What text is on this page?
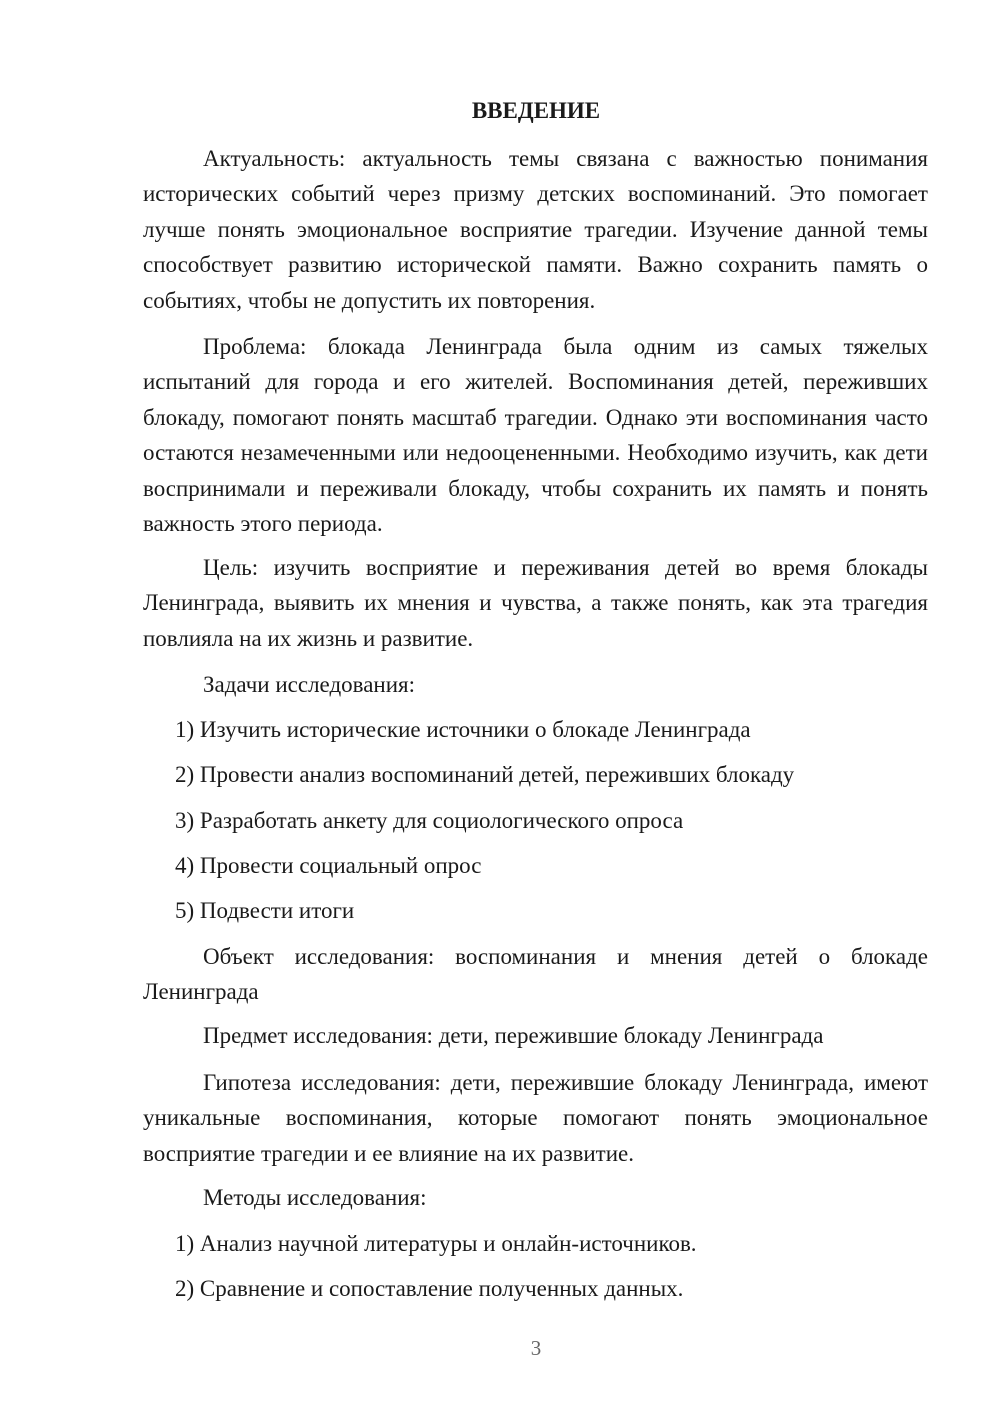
ВВЕДЕНИЕ

Актуальность: актуальность темы связана с важностью понимания исторических событий через призму детских воспоминаний. Это помогает лучше понять эмоциональное восприятие трагедии. Изучение данной темы способствует развитию исторической памяти. Важно сохранить память о событиях, чтобы не допустить их повторения.

Проблема: блокада Ленинграда была одним из самых тяжелых испытаний для города и его жителей. Воспоминания детей, переживших блокаду, помогают понять масштаб трагедии. Однако эти воспоминания часто остаются незамеченными или недооцененными. Необходимо изучить, как дети воспринимали и переживали блокаду, чтобы сохранить их память и понять важность этого периода.

Цель: изучить восприятие и переживания детей во время блокады Ленинграда, выявить их мнения и чувства, а также понять, как эта трагедия повлияла на их жизнь и развитие.

Задачи исследования:

1) Изучить исторические источники о блокаде Ленинграда

2) Провести анализ воспоминаний детей, переживших блокаду

3) Разработать анкету для социологического опроса

4) Провести социальный опрос

5) Подвести итоги

Объект исследования: воспоминания и мнения детей о блокаде Ленинграда

Предмет исследования: дети, пережившие блокаду Ленинграда

Гипотеза исследования: дети, пережившие блокаду Ленинграда, имеют уникальные воспоминания, которые помогают понять эмоциональное восприятие трагедии и ее влияние на их развитие.

Методы исследования:

1) Анализ научной литературы и онлайн-источников.

2) Сравнение и сопоставление полученных данных.

3
